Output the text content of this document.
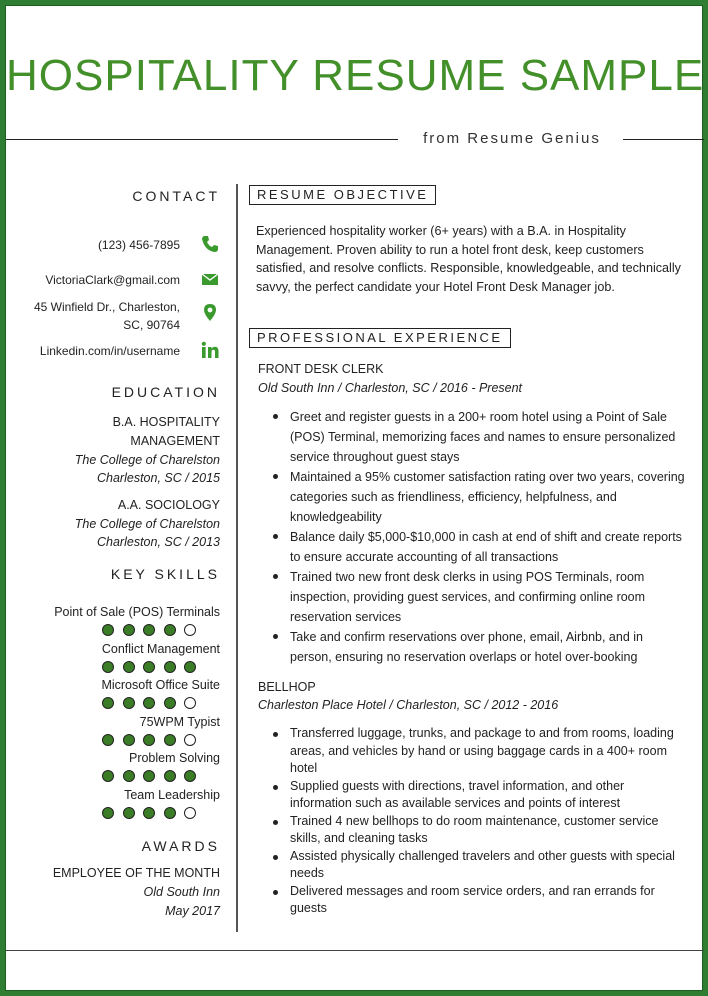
HOSPITALITY RESUME SAMPLE
from Resume Genius
CONTACT
(123) 456-7895
VictoriaClark@gmail.com
45 Winfield Dr., Charleston,
SC, 90764
Linkedin.com/in/username
EDUCATION
B.A. HOSPITALITY
MANAGEMENT
The College of Charelston
Charleston, SC / 2015
A.A. SOCIOLOGY
The College of Charelston
Charleston, SC / 2013
KEY SKILLS
Point of Sale (POS) Terminals
Conflict Management
Microsoft Office Suite
75WPM Typist
Problem Solving
Team Leadership
AWARDS
EMPLOYEE OF THE MONTH
Old South Inn
May 2017
RESUME OBJECTIVE
Experienced hospitality worker (6+ years) with a B.A. in Hospitality Management. Proven ability to run a hotel front desk, keep customers satisfied, and resolve conflicts. Responsible, knowledgeable, and technically savvy, the perfect candidate your Hotel Front Desk Manager job.
PROFESSIONAL EXPERIENCE
FRONT DESK CLERK
Old South Inn / Charleston, SC / 2016 - Present
Greet and register guests in a 200+ room hotel using a Point of Sale (POS) Terminal, memorizing faces and names to ensure personalized service throughout guest stays
Maintained a 95% customer satisfaction rating over two years, covering categories such as friendliness, efficiency, helpfulness, and knowledgeability
Balance daily $5,000-$10,000 in cash at end of shift and create reports to ensure accurate accounting of all transactions
Trained two new front desk clerks in using POS Terminals, room inspection, providing guest services, and confirming online room reservation services
Take and confirm reservations over phone, email, Airbnb, and in person, ensuring no reservation overlaps or hotel over-booking
BELLHOP
Charleston Place Hotel / Charleston, SC / 2012 - 2016
Transferred luggage, trunks, and package to and from rooms, loading areas, and vehicles by hand or using baggage cards in a 400+ room hotel
Supplied guests with directions, travel information, and other information such as available services and points of interest
Trained 4 new bellhops to do room maintenance, customer service skills, and cleaning tasks
Assisted physically challenged travelers and other guests with special needs
Delivered messages and room service orders, and ran errands for guests
